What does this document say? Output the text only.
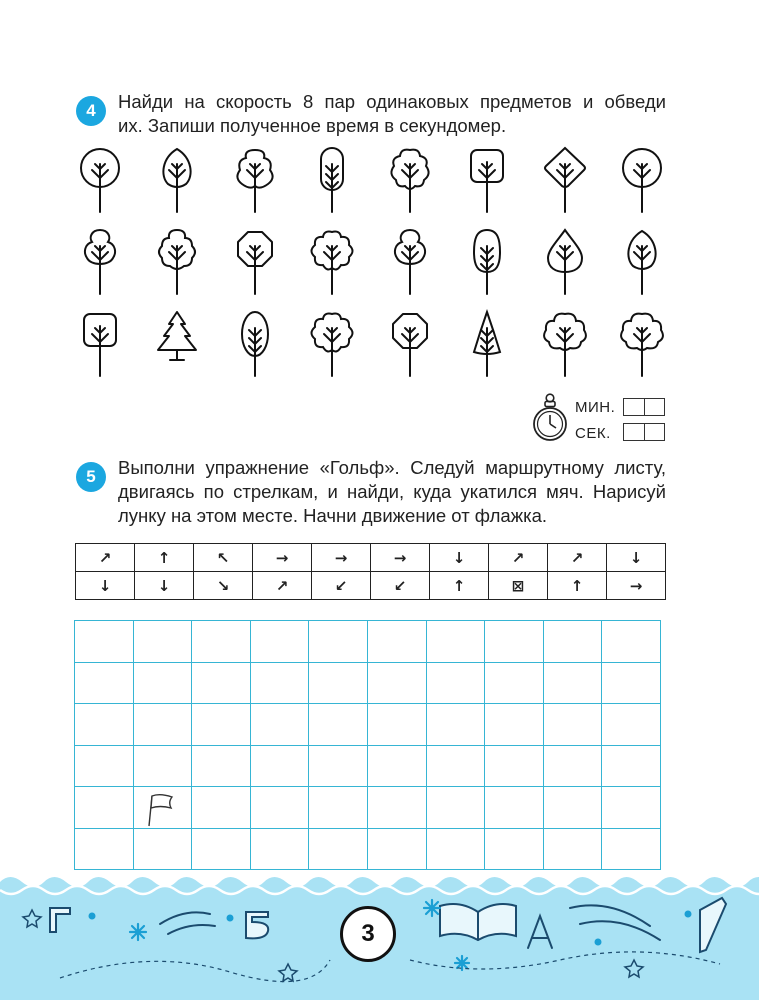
4	Найди на скорость 8 пар одинаковых предметов и обведи
их. Запиши полученное время в секундомер.
МИН.
СЕК.
5	Выполни упражнение «Гольф». Следуй маршрутному листу,
двигаясь по стрелкам, и найди, куда укатился мяч. Нарисуй
лунку на этом месте. Начни движение от флажка.
↗	↑	↖	→	→	→	↓	↗	↗	↓
↓	↓	↘	↗	↙	↙	↑	⊠	↑	→

3
